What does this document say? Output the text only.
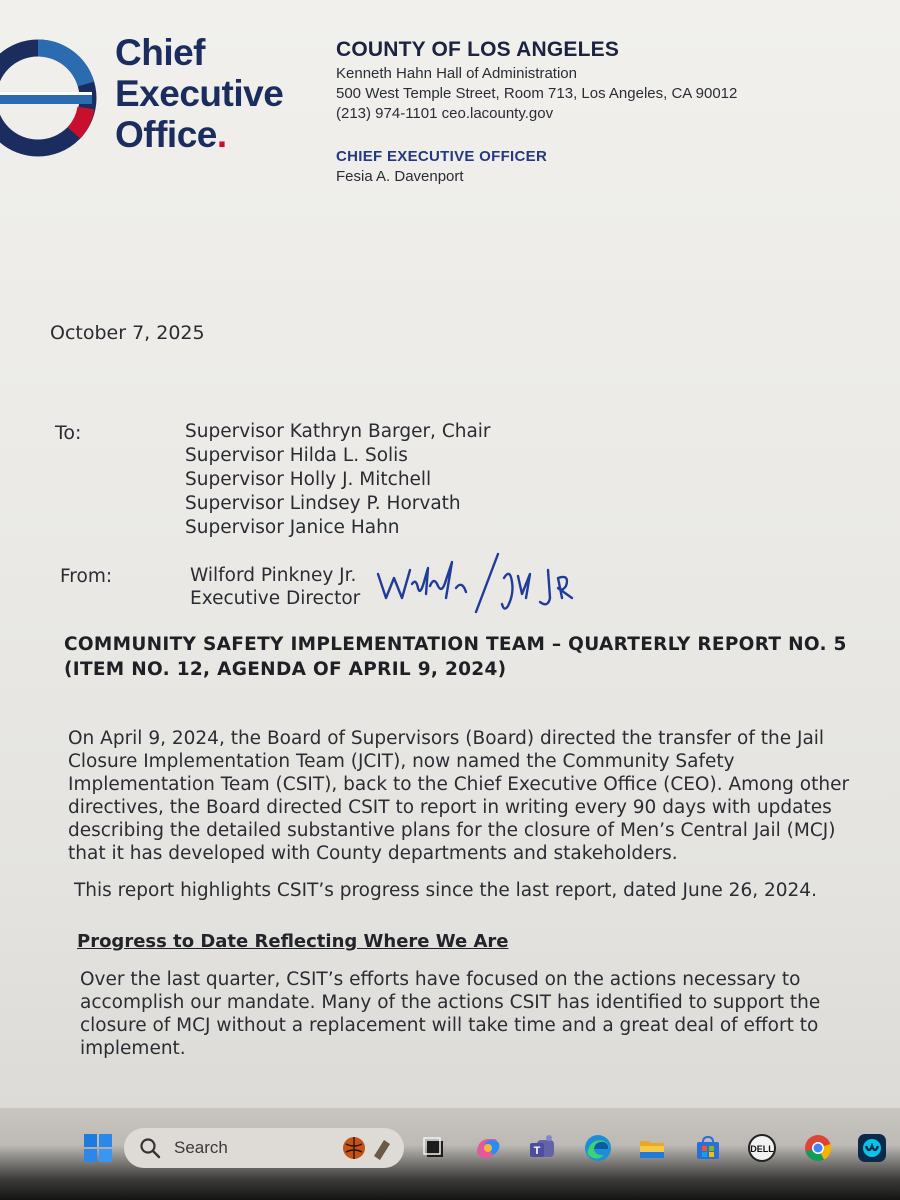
Chief
Executive
Office.
COUNTY OF LOS ANGELES
Kenneth Hahn Hall of Administration
500 West Temple Street, Room 713, Los Angeles, CA 90012
(213) 974-1101 ceo.lacounty.gov
CHIEF EXECUTIVE OFFICER
Fesia A. Davenport
October 7, 2025
To:	Supervisor Kathryn Barger, Chair
Supervisor Hilda L. Solis
Supervisor Holly J. Mitchell
Supervisor Lindsey P. Horvath
Supervisor Janice Hahn
From:	Wilford Pinkney Jr.
Executive Director
COMMUNITY SAFETY IMPLEMENTATION TEAM – QUARTERLY REPORT NO. 5
(ITEM NO. 12, AGENDA OF APRIL 9, 2024)
On April 9, 2024, the Board of Supervisors (Board) directed the transfer of the Jail Closure Implementation Team (JCIT), now named the Community Safety Implementation Team (CSIT), back to the Chief Executive Office (CEO). Among other directives, the Board directed CSIT to report in writing every 90 days with updates describing the detailed substantive plans for the closure of Men’s Central Jail (MCJ) that it has developed with County departments and stakeholders.
This report highlights CSIT’s progress since the last report, dated June 26, 2024.
Progress to Date Reflecting Where We Are
Over the last quarter, CSIT’s efforts have focused on the actions necessary to accomplish our mandate. Many of the actions CSIT has identified to support the closure of MCJ without a replacement will take time and a great deal of effort to implement.
Search	T	DELL
